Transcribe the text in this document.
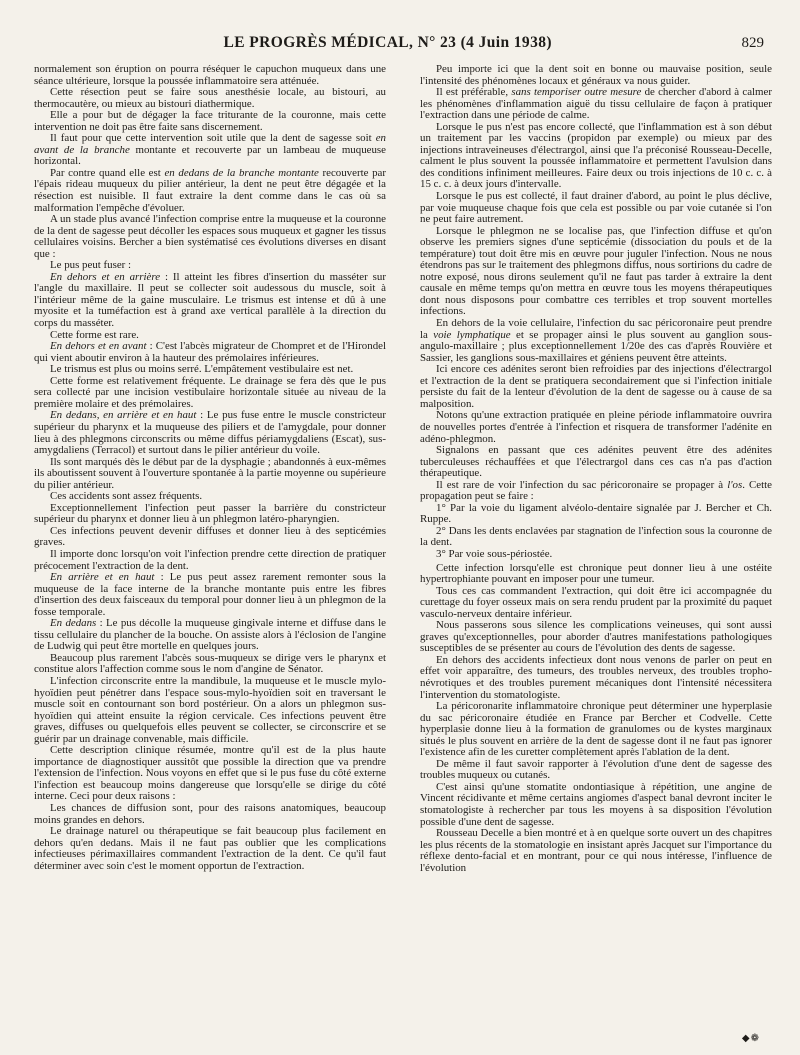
LE PROGRÈS MÉDICAL, N° 23 (4 Juin 1938)	829

normalement son éruption on pourra réséquer le capuchon muqueux dans une séance ultérieure, lorsque la poussée inflammatoire sera atténuée.

Cette résection peut se faire sous anesthésie locale, au bistouri, au thermocautère, ou mieux au bistouri diathermique.

Elle a pour but de dégager la face triturante de la couronne, mais cette intervention ne doit pas être faite sans discernement.

Il faut pour que cette intervention soit utile que la dent de sagesse soit en avant de la branche montante et recouverte par un lambeau de muqueuse horizontal.

Par contre quand elle est en dedans de la branche montante recouverte par l'épais rideau muqueux du pilier antérieur, la dent ne peut être dégagée et la résection est nuisible. Il faut extraire la dent comme dans le cas où sa malformation l'empêche d'évoluer.

A un stade plus avancé l'infection comprise entre la muqueuse et la couronne de la dent de sagesse peut décoller les espaces sous muqueux et gagner les tissus cellulaires voisins. Bercher a bien systématisé ces évolutions diverses en disant que :

Le pus peut fuser :

En dehors et en arrière : Il atteint les fibres d'insertion du masséter sur l'angle du maxillaire. Il peut se collecter soit audessous du muscle, soit à l'intérieur même de la gaine musculaire. Le trismus est intense et dû à une myosite et la tuméfaction est à grand axe vertical parallèle à la direction du corps du masséter.

Cette forme est rare.

En dehors et en avant : C'est l'abcès migrateur de Chompret et de l'Hirondel qui vient aboutir environ à la hauteur des prémolaires inférieures.

Le trismus est plus ou moins serré. L'empâtement vestibulaire est net.

Cette forme est relativement fréquente. Le drainage se fera dès que le pus sera collecté par une incision vestibulaire horizontale située au niveau de la première molaire et des prémolaires.

En dedans, en arrière et en haut : Le pus fuse entre le muscle constricteur supérieur du pharynx et la muqueuse des piliers et de l'amygdale, pour donner lieu à des phlegmons circonscrits ou même diffus périamygdaliens (Escat), sus-amygdaliens (Terracol) et surtout dans le pilier antérieur du voile.

Ils sont marqués dès le début par de la dysphagie ; abandonnés à eux-mêmes ils aboutissent souvent à l'ouverture spontanée à la partie moyenne ou supérieure du pilier antérieur.

Ces accidents sont assez fréquents.

Exceptionnellement l'infection peut passer la barrière du constricteur supérieur du pharynx et donner lieu à un phlegmon latéro-pharyngien.

Ces infections peuvent devenir diffuses et donner lieu à des septicémies graves.

Il importe donc lorsqu'on voit l'infection prendre cette direction de pratiquer précocement l'extraction de la dent.

En arrière et en haut : Le pus peut assez rarement remonter sous la muqueuse de la face interne de la branche montante puis entre les fibres d'insertion des deux faisceaux du temporal pour donner lieu à un phlegmon de la fosse temporale.

En dedans : Le pus décolle la muqueuse gingivale interne et diffuse dans le tissu cellulaire du plancher de la bouche. On assiste alors à l'éclosion de l'angine de Ludwig qui peut être mortelle en quelques jours.

Beaucoup plus rarement l'abcès sous-muqueux se dirige vers le pharynx et constitue alors l'affection comme sous le nom d'angine de Sénator.

L'infection circonscrite entre la mandibule, la muqueuse et le muscle mylo-hyoïdien peut pénétrer dans l'espace sous-mylo-hyoïdien soit en traversant le muscle soit en contournant son bord postérieur. On a alors un phlegmon sus-hyoïdien qui atteint ensuite la région cervicale. Ces infections peuvent être graves, diffuses ou quelquefois elles peuvent se collecter, se circonscrire et se guérir par un drainage convenable, mais difficile.

Cette description clinique résumée, montre qu'il est de la plus haute importance de diagnostiquer aussitôt que possible la direction que va prendre l'extension de l'infection. Nous voyons en effet que si le pus fuse du côté externe l'infection est beaucoup moins dangereuse que lorsqu'elle se dirige du côté interne. Ceci pour deux raisons :

Les chances de diffusion sont, pour des raisons anatomiques, beaucoup moins grandes en dehors.

Le drainage naturel ou thérapeutique se fait beaucoup plus facilement en dehors qu'en dedans. Mais il ne faut pas oublier que les complications infectieuses périmaxillaires commandent l'extraction de la dent. Ce qu'il faut déterminer avec soin c'est le moment opportun de l'extraction.

Peu importe ici que la dent soit en bonne ou mauvaise position, seule l'intensité des phénomènes locaux et généraux va nous guider.

Il est préférable, sans temporiser outre mesure de chercher d'abord à calmer les phénomènes d'inflammation aiguë du tissu cellulaire de façon à pratiquer l'extraction dans une période de calme.

Lorsque le pus n'est pas encore collecté, que l'inflammation est à son début un traitement par les vaccins (propidon par exemple) ou mieux par des injections intraveineuses d'électrargol, ainsi que l'a préconisé Rousseau-Decelle, calment le plus souvent la poussée inflammatoire et permettent l'avulsion dans des conditions infiniment meilleures. Faire deux ou trois injections de 10 c. c. à 15 c. c. à deux jours d'intervalle.

Lorsque le pus est collecté, il faut drainer d'abord, au point le plus déclive, par voie muqueuse chaque fois que cela est possible ou par voie cutanée si l'on ne peut faire autrement.

Lorsque le phlegmon ne se localise pas, que l'infection diffuse et qu'on observe les premiers signes d'une septicémie (dissociation du pouls et de la température) tout doit être mis en œuvre pour juguler l'infection. Nous ne nous étendrons pas sur le traitement des phlegmons diffus, nous sortirions du cadre de notre exposé, nous dirons seulement qu'il ne faut pas tarder à extraire la dent causale en même temps qu'on mettra en œuvre tous les moyens thérapeutiques dont nous disposons pour combattre ces terribles et trop souvent mortelles infections.

En dehors de la voie cellulaire, l'infection du sac péricoronaire peut prendre la voie lymphatique et se propager ainsi le plus souvent au ganglion sous-angulo-maxillaire ; plus exceptionnellement 1/20e des cas d'après Rouvière et Sassier, les ganglions sous-maxillaires et géniens peuvent être atteints.

Ici encore ces adénites seront bien refroidies par des injections d'électrargol et l'extraction de la dent se pratiquera secondairement que si l'infection initiale persiste du fait de la lenteur d'évolution de la dent de sagesse ou à cause de sa malposition.

Notons qu'une extraction pratiquée en pleine période inflammatoire ouvrira de nouvelles portes d'entrée à l'infection et risquera de transformer l'adénite en adéno-phlegmon.

Signalons en passant que ces adénites peuvent être des adénites tuberculeuses réchauffées et que l'électrargol dans ces cas n'a pas d'action thérapeutique.

Il est rare de voir l'infection du sac péricoronaire se propager à l'os. Cette propagation peut se faire :

1° Par la voie du ligament alvéolo-dentaire signalée par J. Bercher et Ch. Ruppe.

2° Dans les dents enclavées par stagnation de l'infection sous la couronne de la dent.

3° Par voie sous-périostée.

Cette infection lorsqu'elle est chronique peut donner lieu à une ostéite hypertrophiante pouvant en imposer pour une tumeur.

Tous ces cas commandent l'extraction, qui doit être ici accompagnée du curettage du foyer osseux mais on sera rendu prudent par la proximité du paquet vasculo-nerveux dentaire inférieur.

Nous passerons sous silence les complications veineuses, qui sont aussi graves qu'exceptionnelles, pour aborder d'autres manifestations pathologiques susceptibles de se présenter au cours de l'évolution des dents de sagesse.

En dehors des accidents infectieux dont nous venons de parler on peut en effet voir apparaître, des tumeurs, des troubles nerveux, des troubles tropho-névrotiques et des troubles purement mécaniques dont l'intensité nécessitera l'intervention du stomatologiste.

La péricoronarite inflammatoire chronique peut déterminer une hyperplasie du sac péricoronaire étudiée en France par Bercher et Codvelle. Cette hyperplasie donne lieu à la formation de granulomes ou de kystes marginaux situés le plus souvent en arrière de la dent de sagesse dont il ne faut pas ignorer l'existence afin de les curetter complètement après l'ablation de la dent.

De même il faut savoir rapporter à l'évolution d'une dent de sagesse des troubles muqueux ou cutanés.

C'est ainsi qu'une stomatite ondontiasique à répétition, une angine de Vincent récidivante et même certains angiomes d'aspect banal devront inciter le stomatologiste à rechercher par tous les moyens à sa disposition l'évolution possible d'une dent de sagesse.

Rousseau Decelle a bien montré et à en quelque sorte ouvert un des chapitres les plus récents de la stomatologie en insistant après Jacquet sur l'importance du réflexe dento-facial et en montrant, pour ce qui nous intéresse, l'influence de l'évolution

◆❁
